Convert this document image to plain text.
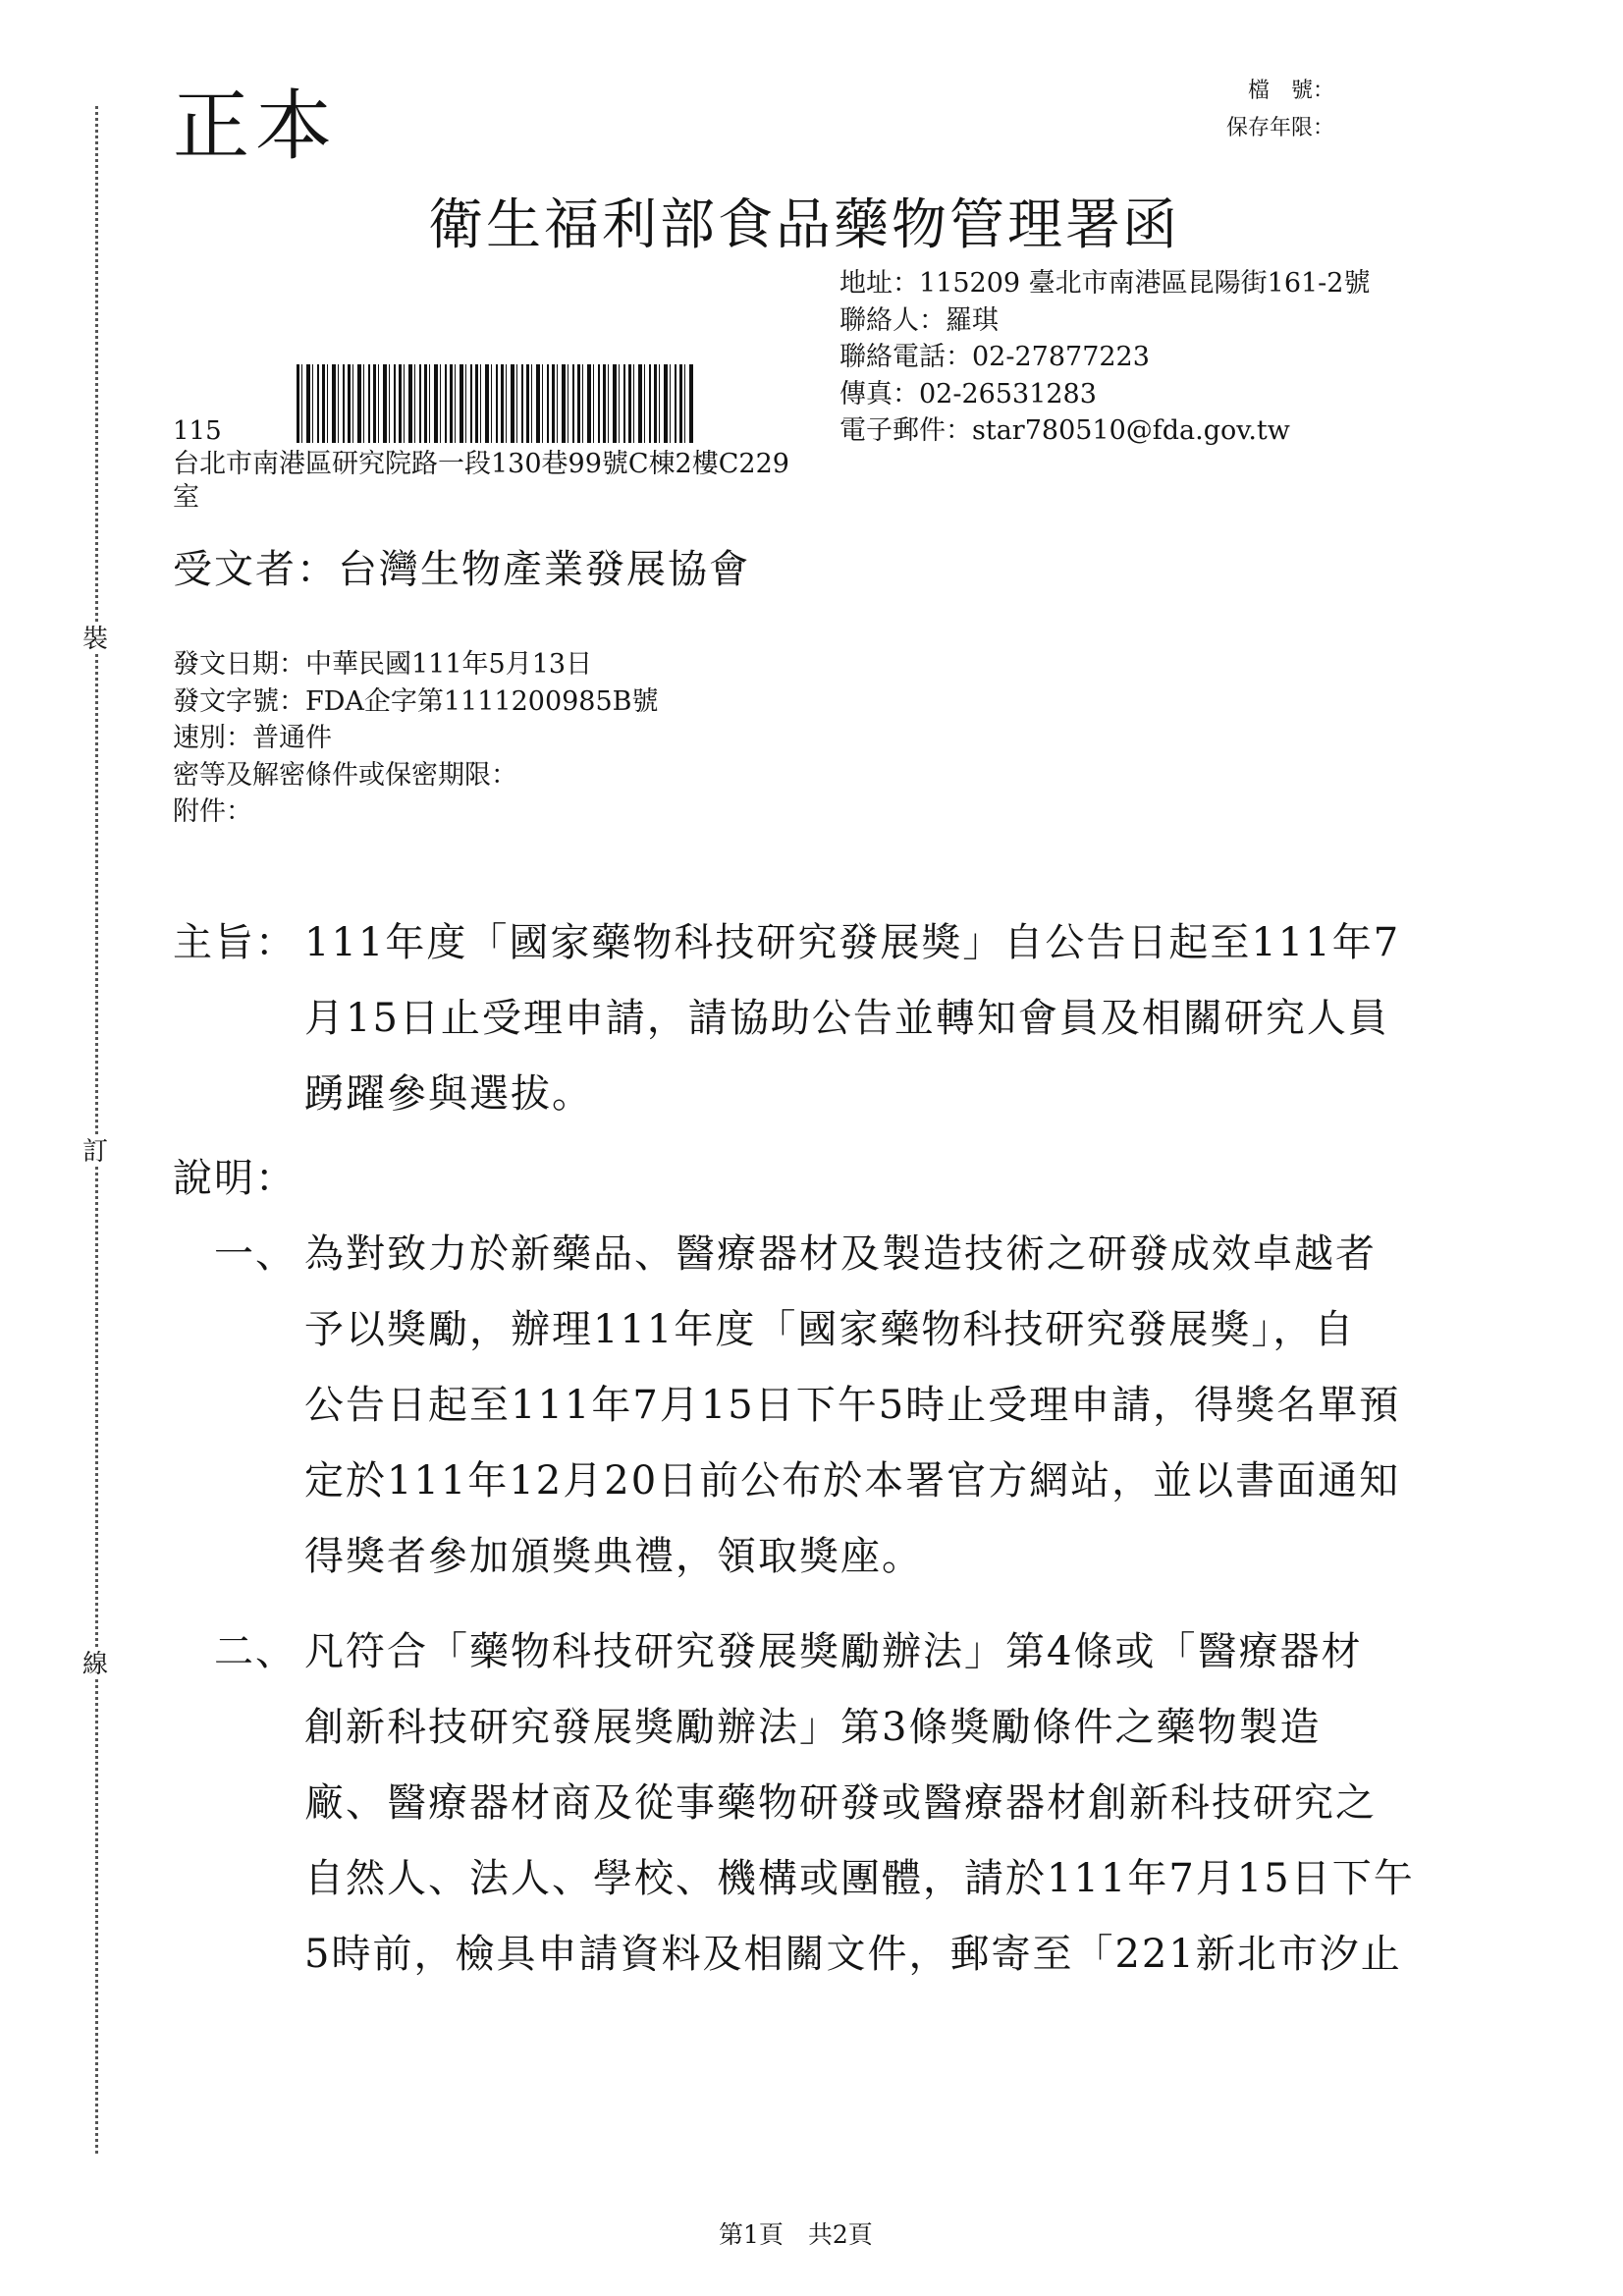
裝
訂
線
正本	檔　號：
保存年限：
衛生福利部食品藥物管理署 函
地址：115209 臺北市南港區昆陽街161-2號
聯絡人：羅琪
聯絡電話：02-27877223
傳真：02-26531283
電子郵件：star780510@fda.gov.tw
115
台北市南港區研究院路一段130巷99號C棟2樓C229
室
受文者：台灣生物產業發展協會
發文日期：中華民國111年5月13日
發文字號：FDA企字第1111200985B號
速別：普通件
密等及解密條件或保密期限：
附件：
主旨： 111年度「國家藥物科技研究發展獎」自公告日起至111年7
月15日止受理申請，請協助公告並轉知會員及相關研究人員
踴躍參與選拔。
說明：
一、 為對致力於新藥品、醫療器材及製造技術之研發成效卓越者
予以獎勵，辦理111年度「國家藥物科技研究發展獎」，自
公告日起至111年7月15日下午5時止受理申請，得獎名單預
定於111年12月20日前公布於本署官方網站，並以書面通知
得獎者參加頒獎典禮，領取獎座。
二、 凡符合「藥物科技研究發展獎勵辦法」第4條或「醫療器材
創新科技研究發展獎勵辦法」第3條獎勵條件之藥物製造
廠、醫療器材商及從事藥物研發或醫療器材創新科技研究之
自然人、法人、學校、機構或團體，請於111年7月15日下午
5時前，檢具申請資料及相關文件，郵寄至「221新北市汐止
第1頁　共2頁
